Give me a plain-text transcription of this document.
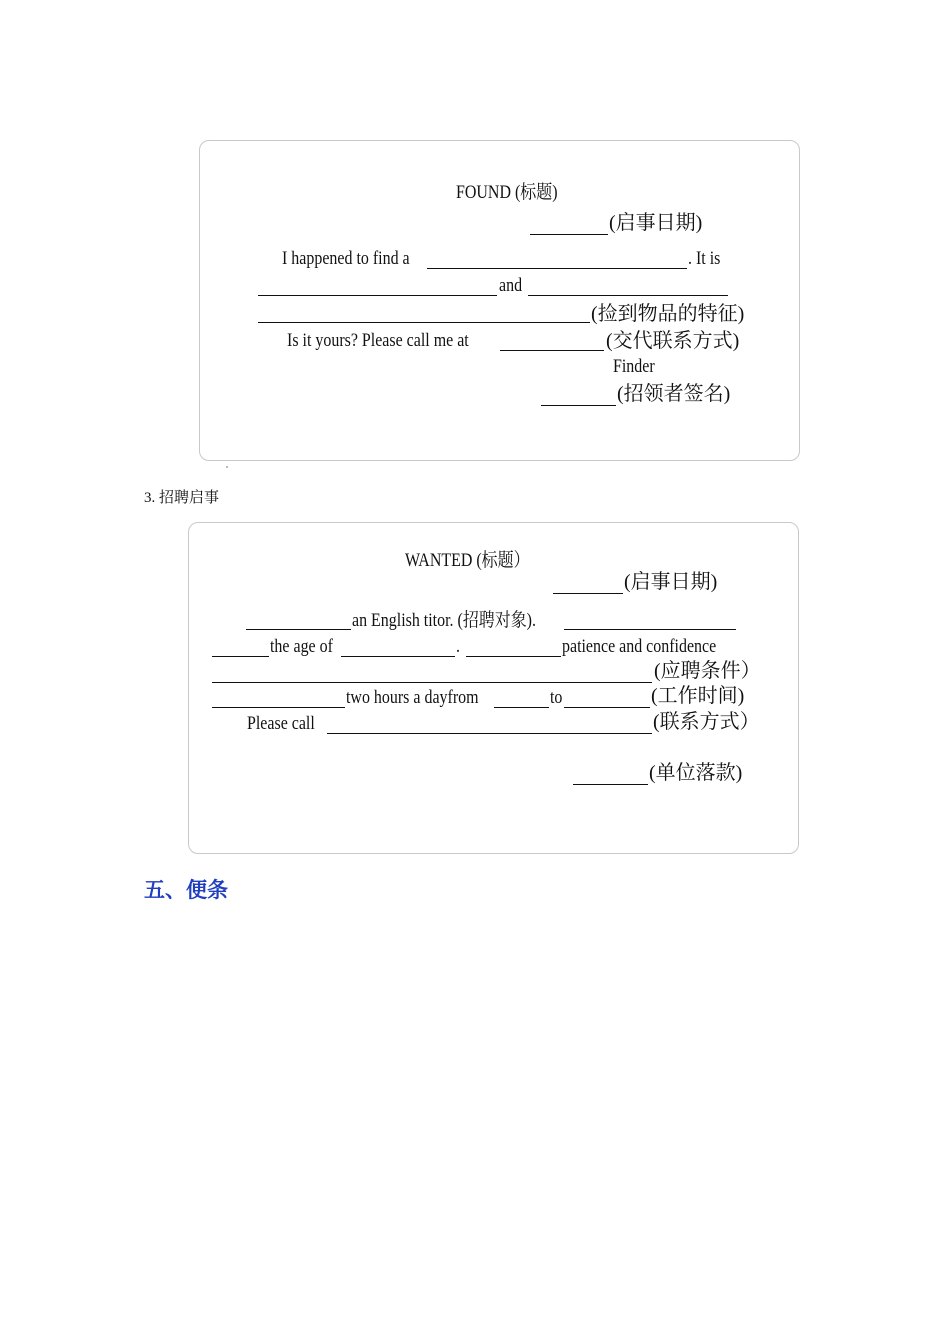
FOUND (标题)
(启事日期)
I happened to find a	. It is
and
(捡到物品的特征)
Is it yours? Please call me at	(交代联系方式)
Finder
(招领者签名)
3. 招聘启事
WANTED (标题）
(启事日期)
an English titor. (招聘对象).
the age of	.	patience and confidence
(应聘条件）
two hours a dayfrom	to	(工作时间)
Please call	(联系方式）
(单位落款)
五、便条
